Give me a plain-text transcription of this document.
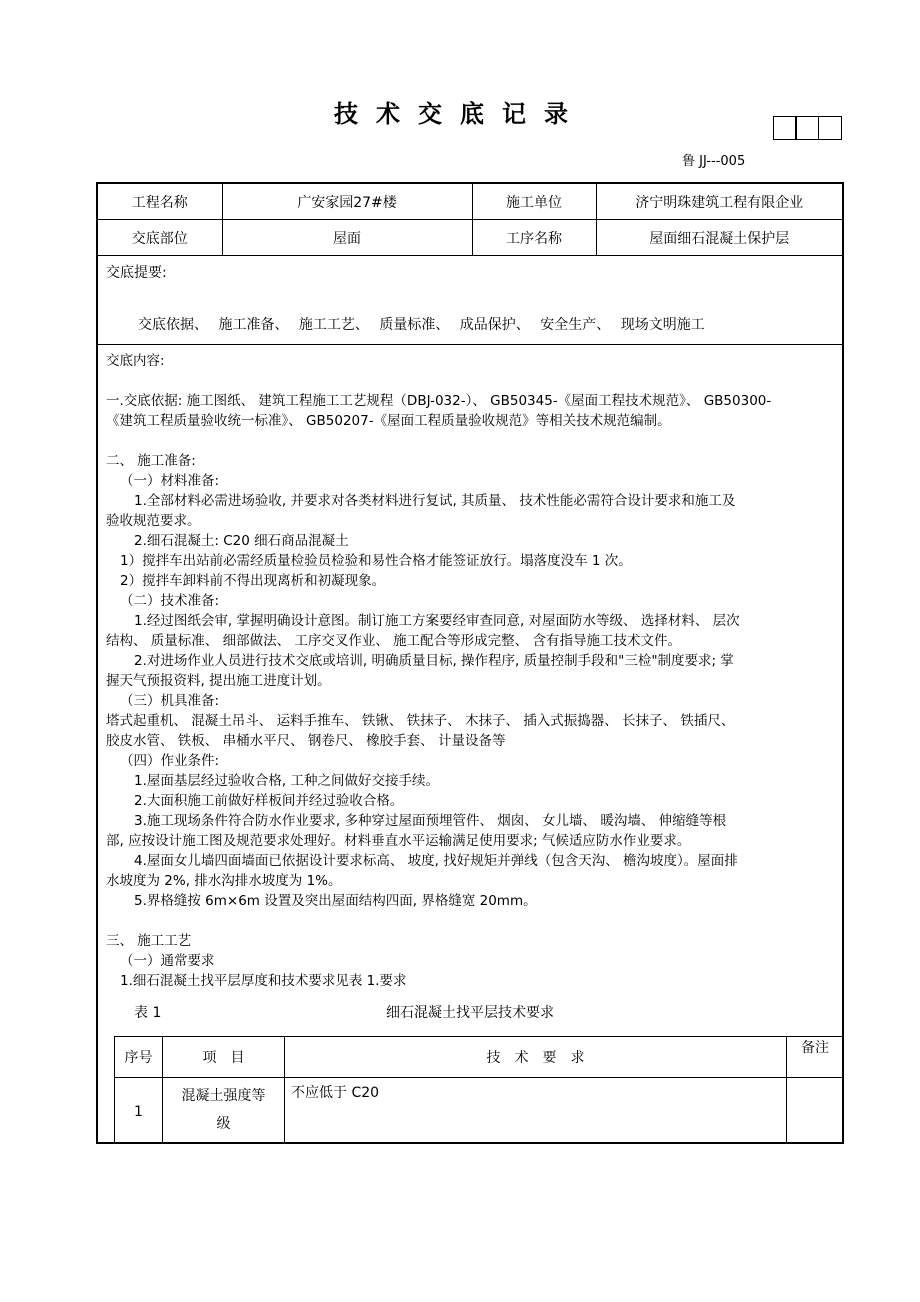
技术交底记录
鲁 JJ---005
工程名称	广安家园27#楼	施工单位	济宁明珠建筑工程有限企业
交底部位	屋面	工序名称	屋面细石混凝土保护层
交底提要:
交底依据、 施工准备、 施工工艺、 质量标准、 成品保护、 安全生产、 现场文明施工

交底内容:

一.交底依据: 施工图纸、 建筑工程施工工艺规程（DBJ-032-）、 GB50345-《屋面工程技术规范》、 GB50300-

《建筑工程质量验收统一标准》、 GB50207-《屋面工程质量验收规范》等相关技术规范编制。

二、 施工准备:

（一）材料准备:

1.全部材料必需进场验收, 并要求对各类材料进行复试, 其质量、 技术性能必需符合设计要求和施工及

验收规范要求。

2.细石混凝土: C20 细石商品混凝土

1）搅拌车出站前必需经质量检验员检验和易性合格才能签证放行。塌落度没车 1 次。

2）搅拌车卸料前不得出现离析和初凝现象。

（二）技术准备:

1.经过图纸会审, 掌握明确设计意图。制订施工方案要经审查同意, 对屋面防水等级、 选择材料、 层次

结构、 质量标准、 细部做法、 工序交叉作业、 施工配合等形成完整、 含有指导施工技术文件。

2.对进场作业人员进行技术交底或培训, 明确质量目标, 操作程序, 质量控制手段和"三检"制度要求; 掌

握天气预报资料, 提出施工进度计划。

（三）机具准备:

塔式起重机、 混凝土吊斗、 运料手推车、 铁锹、 铁抹子、 木抹子、 插入式振捣器、 长抹子、 铁插尺、

胶皮水管、 铁板、 串桶水平尺、 钢卷尺、 橡胶手套、 计量设备等

（四）作业条件:

1.屋面基层经过验收合格, 工种之间做好交接手续。

2.大面积施工前做好样板间并经过验收合格。

3.施工现场条件符合防水作业要求, 多种穿过屋面预埋管件、 烟囱、 女儿墙、 暖沟墙、 伸缩缝等根

部, 应按设计施工图及规范要求处理好。材料垂直水平运输满足使用要求; 气候适应防水作业要求。

4.屋面女儿墙四面墙面已依据设计要求标高、 坡度, 找好规矩并弹线（包含天沟、 檐沟坡度）。屋面排

水坡度为 2%, 排水沟排水坡度为 1%。

5.界格缝按 6m×6m 设置及突出屋面结构四面, 界格缝宽 20mm。

三、 施工工艺

（一）通常要求

1.细石混凝土找平层厚度和技术要求见表 1.要求

表 1	细石混凝土找平层技术要求
序号	项　目	技　术　要　求	备注
1	混凝土强度等
级	不应低于 C20	
